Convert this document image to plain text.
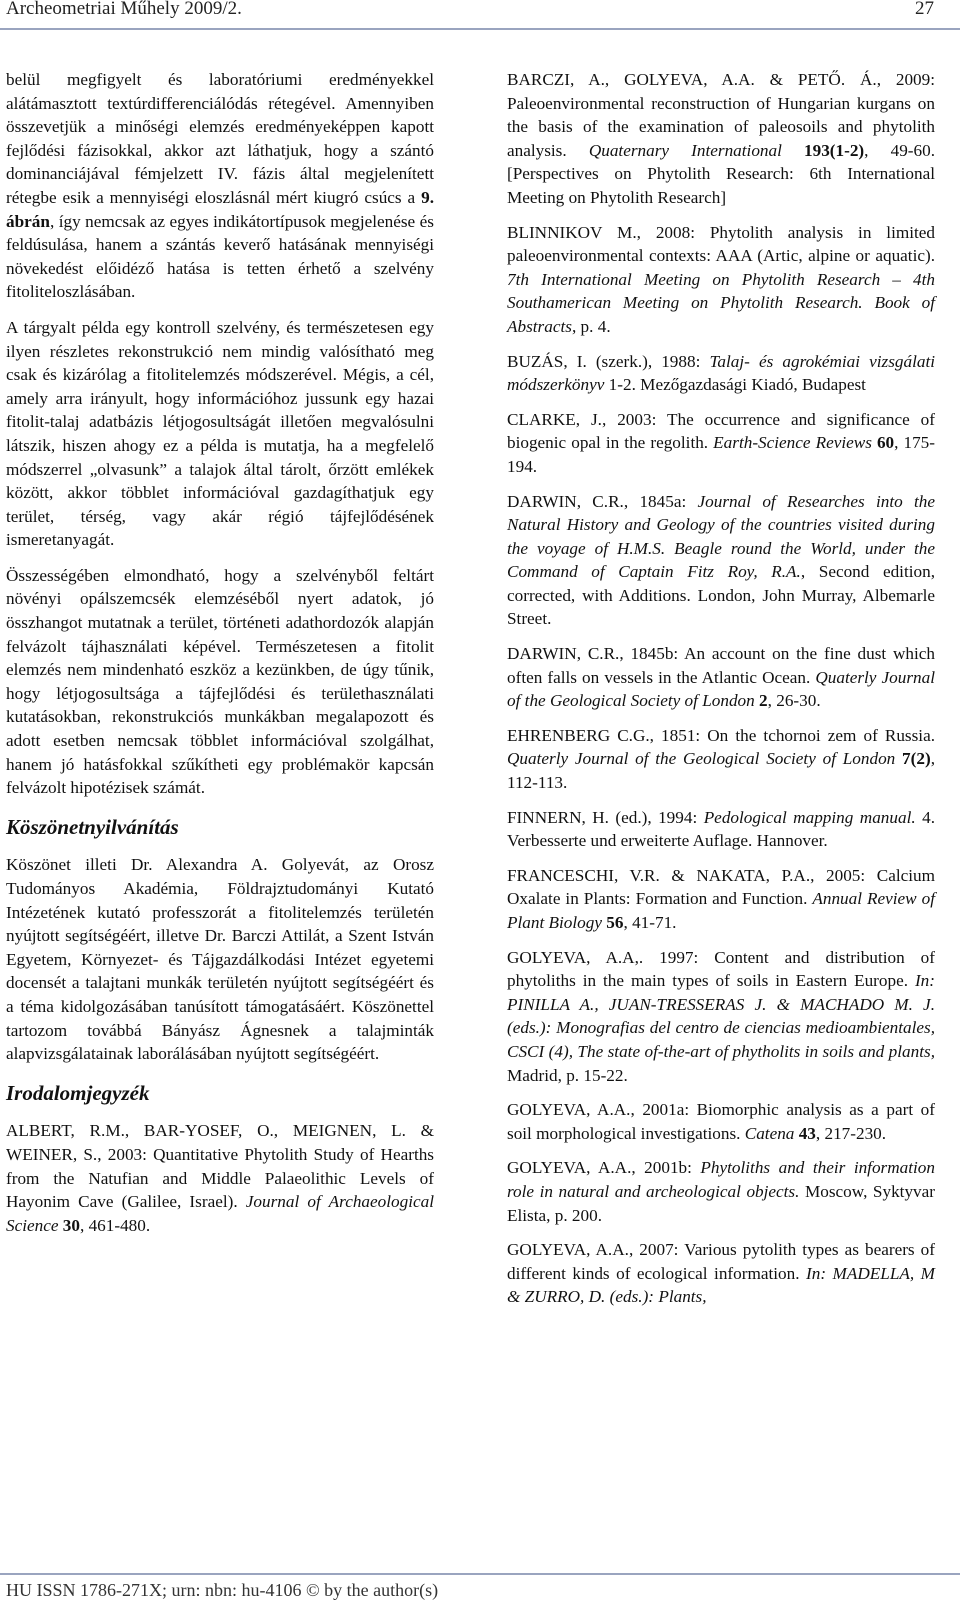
Archeometriai Műhely 2009/2.	27

belül megfigyelt és laboratóriumi eredményekkel alátámasztott textúrdifferenciálódás rétegével. Amennyiben összevetjük a minőségi elemzés eredményeképpen kapott fejlődési fázisokkal, akkor azt láthatjuk, hogy a szántó dominanciájával fémjelzett IV. fázis által megjelenített rétegbe esik a mennyiségi eloszlásnál mért kiugró csúcs a 9. ábrán, így nemcsak az egyes indikátortípusok megjelenése és feldúsulása, hanem a szántás keverő hatásának mennyiségi növekedést előidéző hatása is tetten érhető a szelvény fitoliteloszlásában.

A tárgyalt példa egy kontroll szelvény, és természetesen egy ilyen részletes rekonstrukció nem mindig valósítható meg csak és kizárólag a fitolitelemzés módszerével. Mégis, a cél, amely arra irányult, hogy információhoz jussunk egy hazai fitolit-talaj adatbázis létjogosultságát illetően megvalósulni látszik, hiszen ahogy ez a példa is mutatja, ha a megfelelő módszerrel „olvasunk” a talajok által tárolt, őrzött emlékek között, akkor többlet információval gazdagíthatjuk egy terület, térség, vagy akár régió tájfejlődésének ismeretanyagát.

Összességében elmondható, hogy a szelvényből feltárt növényi opálszemcsék elemzéséből nyert adatok, jó összhangot mutatnak a terület, történeti adathordozók alapján felvázolt tájhasználati képével. Természetesen a fitolit elemzés nem mindenható eszköz a kezünkben, de úgy tűnik, hogy létjogosultsága a tájfejlődési és területhasználati kutatásokban, rekonstrukciós munkákban megalapozott és adott esetben nemcsak többlet információval szolgálhat, hanem jó hatásfokkal szűkítheti egy problémakör kapcsán felvázolt hipotézisek számát.

Köszönetnyilvánítás

Köszönet illeti Dr. Alexandra A. Golyevát, az Orosz Tudományos Akadémia, Földrajztudományi Kutató Intézetének kutató professzorát a fitolitelemzés területén nyújtott segítségéért, illetve Dr. Barczi Attilát, a Szent István Egyetem, Környezet- és Tájgazdálkodási Intézet egyetemi docensét a talajtani munkák területén nyújtott segítségéért és a téma kidolgozásában tanúsított támogatásáért. Köszönettel tartozom továbbá Bányász Ágnesnek a talajminták alapvizsgálatainak laborálásában nyújtott segítségéért.

Irodalomjegyzék

ALBERT, R.M., BAR-YOSEF, O., MEIGNEN, L. & WEINER, S., 2003: Quantitative Phytolith Study of Hearths from the Natufian and Middle Palaeolithic Levels of Hayonim Cave (Galilee, Israel). Journal of Archaeological Science 30, 461-480.

BARCZI, A., GOLYEVA, A.A. & PETŐ. Á., 2009: Paleoenvironmental reconstruction of Hungarian kurgans on the basis of the examination of paleosoils and phytolith analysis. Quaternary International 193(1-2), 49-60. [Perspectives on Phytolith Research: 6th International Meeting on Phytolith Research]

BLINNIKOV M., 2008: Phytolith analysis in limited paleoenvironmental contexts: AAA (Artic, alpine or aquatic). 7th International Meeting on Phytolith Research – 4th Southamerican Meeting on Phytolith Research. Book of Abstracts, p. 4.

BUZÁS, I. (szerk.), 1988: Talaj- és agrokémiai vizsgálati módszerkönyv 1-2. Mezőgazdasági Kiadó, Budapest

CLARKE, J., 2003: The occurrence and significance of biogenic opal in the regolith. Earth-Science Reviews 60, 175-194.

DARWIN, C.R., 1845a: Journal of Researches into the Natural History and Geology of the countries visited during the voyage of H.M.S. Beagle round the World, under the Command of Captain Fitz Roy, R.A., Second edition, corrected, with Additions. London, John Murray, Albemarle Street.

DARWIN, C.R., 1845b: An account on the fine dust which often falls on vessels in the Atlantic Ocean. Quaterly Journal of the Geological Society of London 2, 26-30.

EHRENBERG C.G., 1851: On the tchornoi zem of Russia. Quaterly Journal of the Geological Society of London 7(2), 112-113.

FINNERN, H. (ed.), 1994: Pedological mapping manual. 4. Verbesserte und erweiterte Auflage. Hannover.

FRANCESCHI, V.R. & NAKATA, P.A., 2005: Calcium Oxalate in Plants: Formation and Function. Annual Review of Plant Biology 56, 41-71.

GOLYEVA, A.A,. 1997: Content and distribution of phytoliths in the main types of soils in Eastern Europe. In: PINILLA A., JUAN-TRESSERAS J. & MACHADO M. J. (eds.): Monografias del centro de ciencias medioambientales, CSCI (4), The state of-the-art of phytholits in soils and plants, Madrid, p. 15-22.

GOLYEVA, A.A., 2001a: Biomorphic analysis as a part of soil morphological investigations. Catena 43, 217-230.

GOLYEVA, A.A., 2001b: Phytoliths and their information role in natural and archeological objects. Moscow, Syktyvar Elista, p. 200.

GOLYEVA, A.A., 2007: Various pytolith types as bearers of different kinds of ecological information. In: MADELLA, M & ZURRO, D. (eds.): Plants,

HU ISSN 1786-271X; urn: nbn: hu-4106 © by the author(s)
